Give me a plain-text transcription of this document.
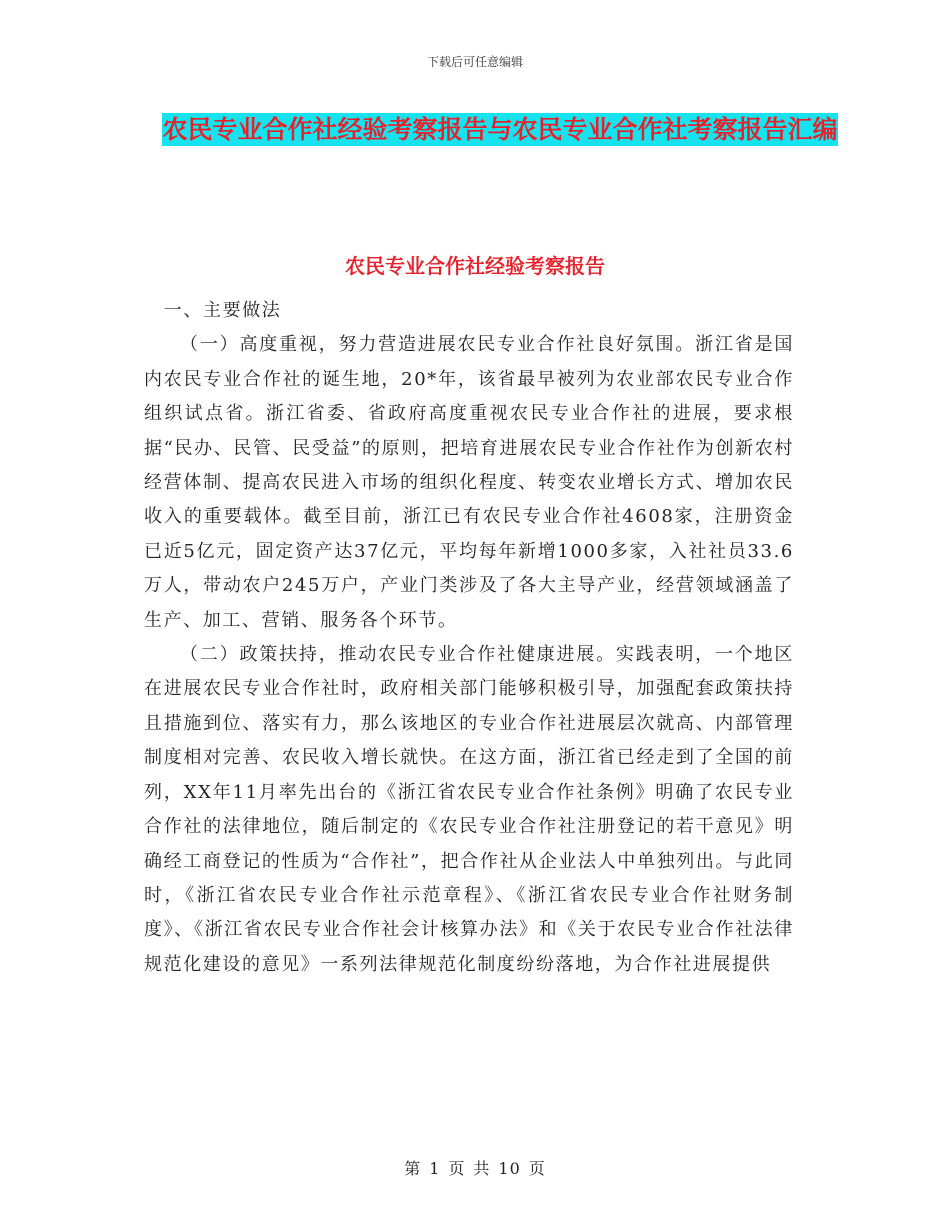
下载后可任意编辑
农民专业合作社经验考察报告与农民专业合作社考察报告汇编
农民专业合作社经验考察报告

一、主要做法

（一）高度重视，努力营造进展农民专业合作社良好氛围。浙江省是国内农民专业合作社的诞生地，20*年，该省最早被列为农业部农民专业合作组织试点省。浙江省委、省政府高度重视农民专业合作社的进展，要求根据“民办、民管、民受益”的原则，把培育进展农民专业合作社作为创新农村经营体制、提高农民进入市场的组织化程度、转变农业增长方式、增加农民收入的重要载体。截至目前，浙江已有农民专业合作社4608家，注册资金已近5亿元，固定资产达37亿元，平均每年新增1000多家，入社社员33.6万人，带动农户245万户，产业门类涉及了各大主导产业，经营领域涵盖了生产、加工、营销、服务各个环节。

（二）政策扶持，推动农民专业合作社健康进展。实践表明，一个地区在进展农民专业合作社时，政府相关部门能够积极引导，加强配套政策扶持且措施到位、落实有力，那么该地区的专业合作社进展层次就高、内部管理制度相对完善、农民收入增长就快。在这方面，浙江省已经走到了全国的前列，XX年11月率先出台的《浙江省农民专业合作社条例》明确了农民专业合作社的法律地位，随后制定的《农民专业合作社注册登记的若干意见》明确经工商登记的性质为“合作社”，把合作社从企业法人中单独列出。与此同时，《浙江省农民专业合作社示范章程》、《浙江省农民专业合作社财务制度》、《浙江省农民专业合作社会计核算办法》和《关于农民专业合作社法律规范化建设的意见》一系列法律规范化制度纷纷落地，为合作社进展提供

第 1 页 共 10 页
